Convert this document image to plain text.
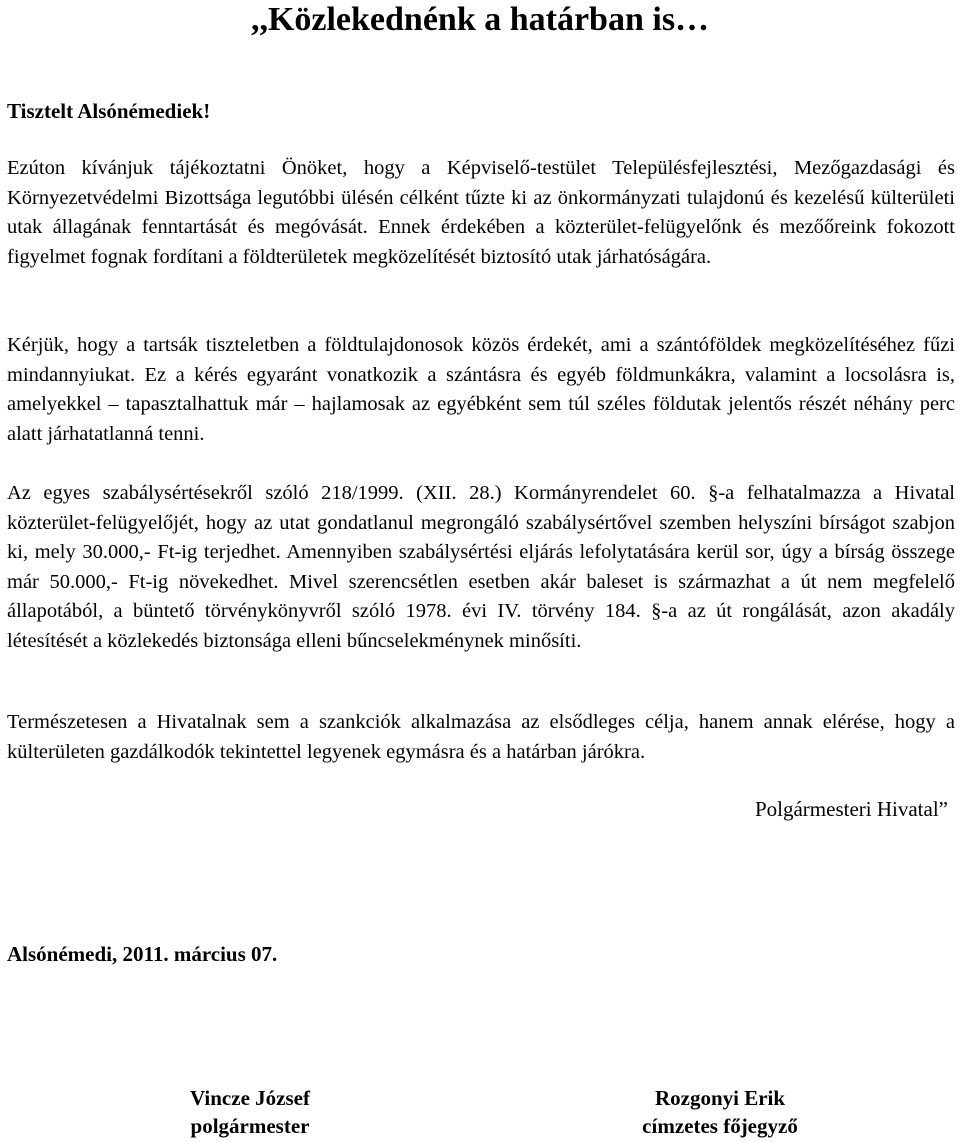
,,Közlekednénk a határban is…

Tisztelt Alsónémediek!

Ezúton kívánjuk tájékoztatni Önöket, hogy a Képviselő-testület Településfejlesztési, Mezőgazdasági és Környezetvédelmi Bizottsága legutóbbi ülésén célként tűzte ki az önkormányzati tulajdonú és kezelésű külterületi utak állagának fenntartását és megóvását. Ennek érdekében a közterület-felügyelőnk és mezőőreink fokozott figyelmet fognak fordítani a földterületek megközelítését biztosító utak járhatóságára.

Kérjük, hogy a tartsák tiszteletben a földtulajdonosok közös érdekét, ami a szántóföldek megközelítéséhez fűzi mindannyiukat. Ez a kérés egyaránt vonatkozik a szántásra és egyéb földmunkákra, valamint a locsolásra is, amelyekkel – tapasztalhattuk már – hajlamosak az egyébként sem túl széles földutak jelentős részét néhány perc alatt járhatatlanná tenni.

Az egyes szabálysértésekről szóló 218/1999. (XII. 28.) Kormányrendelet 60. §-a felhatalmazza a Hivatal közterület-felügyelőjét, hogy az utat gondatlanul megrongáló szabálysértővel szemben helyszíni bírságot szabjon ki, mely 30.000,- Ft-ig terjedhet. Amennyiben szabálysértési eljárás lefolytatására kerül sor, úgy a bírság összege már 50.000,- Ft-ig növekedhet. Mivel szerencsétlen esetben akár baleset is származhat a út nem megfelelő állapotából, a büntető törvénykönyvről szóló 1978. évi IV. törvény 184. §-a az út rongálását, azon akadály létesítését a közlekedés biztonsága elleni bűncselekménynek minősíti.

Természetesen a Hivatalnak sem a szankciók alkalmazása az elsődleges célja, hanem annak elérése, hogy a külterületen gazdálkodók tekintettel legyenek egymásra és a határban járókra.

Polgármesteri Hivatal”

Alsónémedi, 2011. március 07.

Vincze József
polgármester
Rozgonyi Erik
címzetes főjegyző
